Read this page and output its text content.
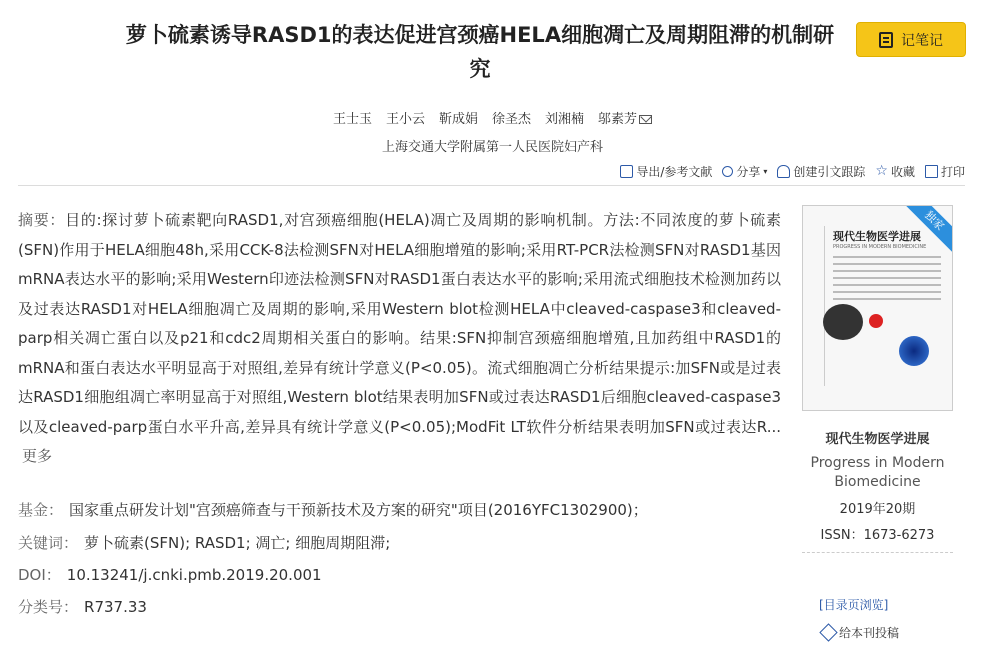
萝卜硫素诱导RASD1的表达促进宫颈癌HELA细胞凋亡及周期阻滞的机制研究
记笔记
王士玉 王小云 靳成娟 徐圣杰 刘湘楠 邬素芳
上海交通大学附属第一人民医院妇产科
导出/参考文献 分享 ▾ 创建引文跟踪 ☆ 收藏 打印
摘要：目的:探讨萝卜硫素靶向RASD1,对宫颈癌细胞(HELA)凋亡及周期的影响机制。方法:不同浓度的萝卜硫素(SFN)作用于HELA细胞48h,采用CCK-8法检测SFN对HELA细胞增殖的影响;采用RT-PCR法检测SFN对RASD1基因mRNA表达水平的影响;采用Western印迹法检测SFN对RASD1蛋白表达水平的影响;采用流式细胞技术检测加药以及过表达RASD1对HELA细胞凋亡及周期的影响,采用Western blot检测HELA中cleaved-caspase3和cleaved-parp相关凋亡蛋白以及p21和cdc2周期相关蛋白的影响。结果:SFN抑制宫颈癌细胞增殖,且加药组中RASD1的mRNA和蛋白表达水平明显高于对照组,差异有统计学意义(P<0.05)。流式细胞凋亡分析结果提示:加SFN或是过表达RASD1细胞组凋亡率明显高于对照组,Western blot结果表明加SFN或过表达RASD1后细胞cleaved-caspase3以及cleaved-parp蛋白水平升高,差异具有统计学意义(P<0.05);ModFit LT软件分析结果表明加SFN或过表达R...更多
基金： 国家重点研发计划"宫颈癌筛查与干预新技术及方案的研究"项目(2016YFC1302900)；
关键词： 萝卜硫素(SFN); RASD1; 凋亡; 细胞周期阻滞;
DOI： 10.13241/j.cnki.pmb.2019.20.001
分类号： R737.33
独家
现代生物医学进展
PROGRESS IN MODERN BIOMEDICINE
现代生物医学进展
Progress in Modern Biomedicine
2019年20期
ISSN：1673-6273
[目录页浏览]
给本刊投稿
